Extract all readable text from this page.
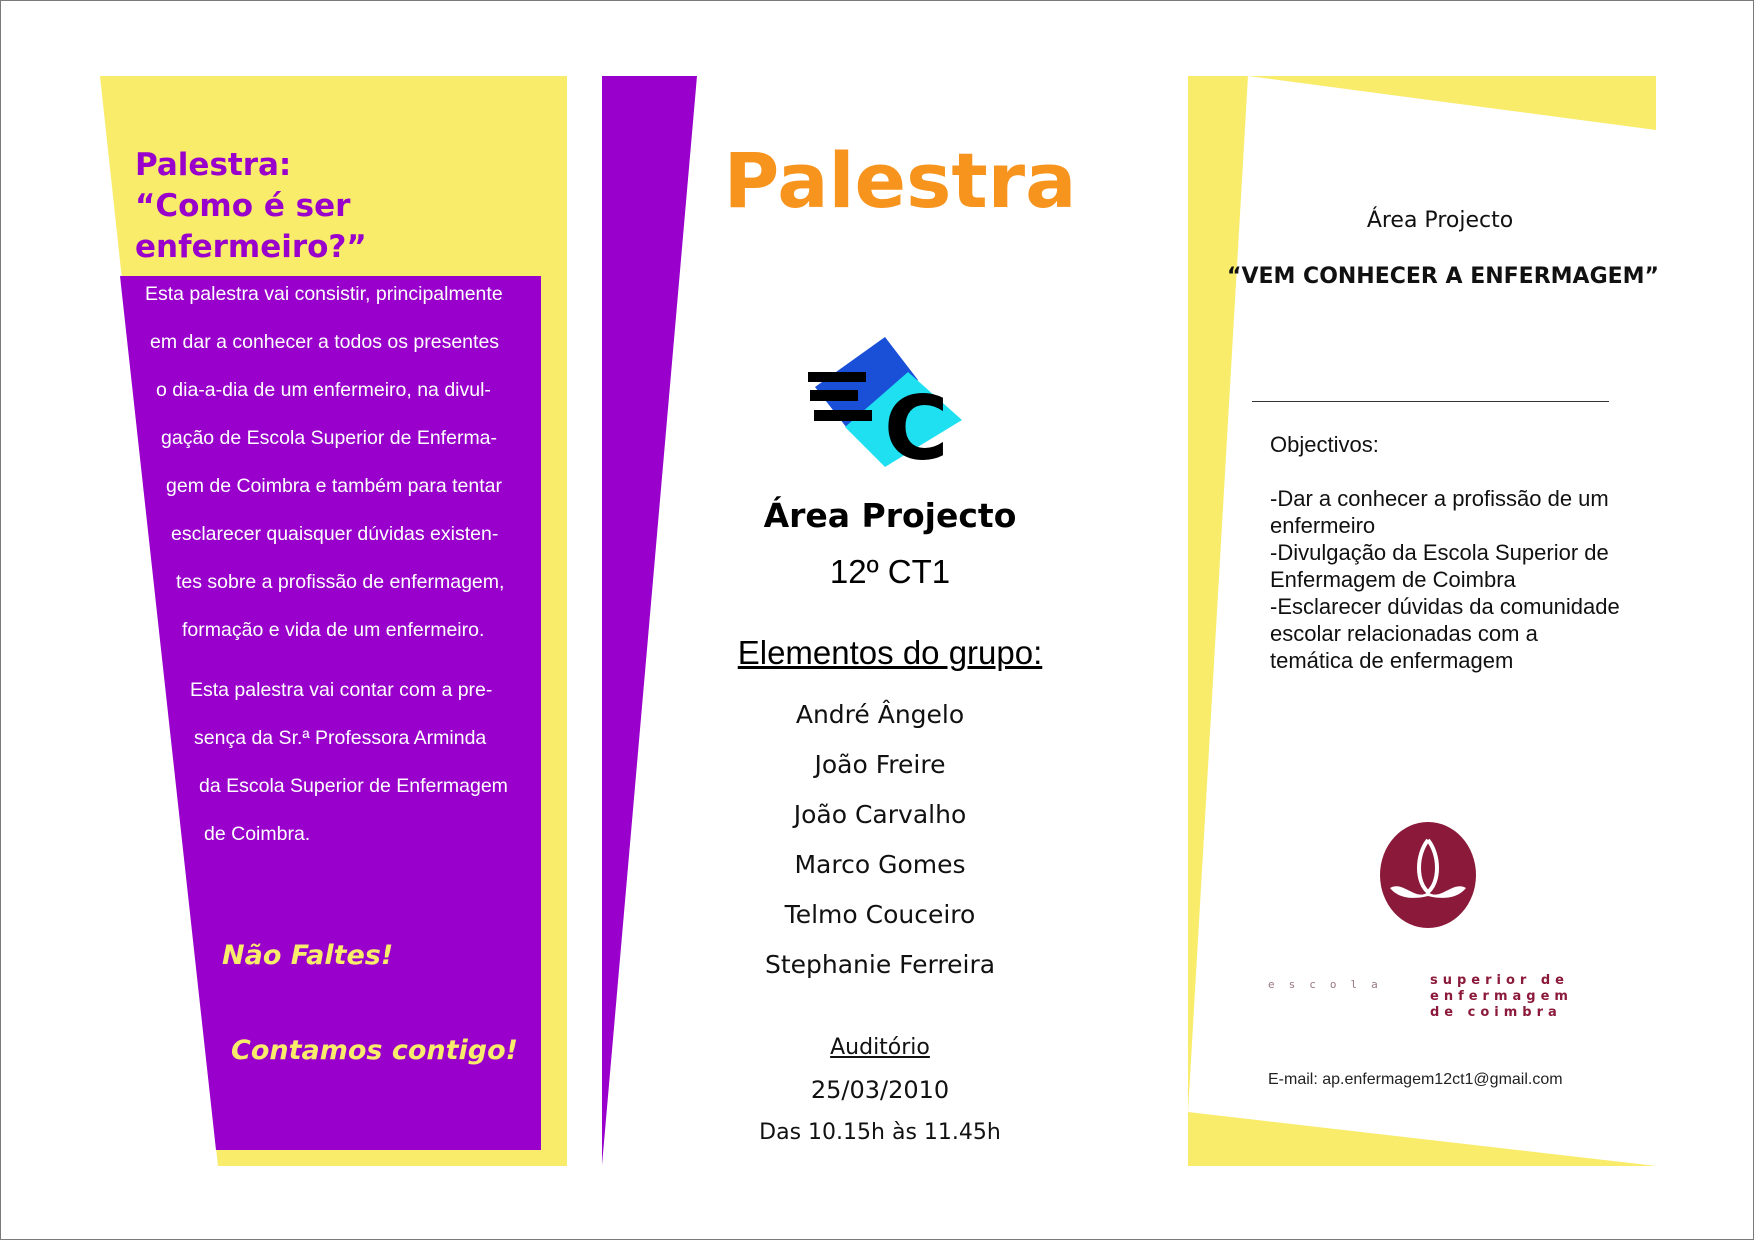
Palestra:
“Como é ser
enfermeiro?”
Esta palestra vai consistir, principalmente
em dar a conhecer a todos os presentes
o dia-a-dia de um enfermeiro, na divul-
gação de Escola Superior de Enferma-
gem de Coimbra e também para tentar
esclarecer quaisquer dúvidas existen-
tes sobre a profissão de enfermagem,
formação e vida de um enfermeiro.
Esta palestra vai contar com a pre-
sença da Sr.ª Professora Arminda
da Escola Superior de Enfermagem
de Coimbra.
Não Faltes!
Contamos contigo!
Palestra
C
Área Projecto
12º CT1
Elementos do grupo:
André Ângelo
João Freire
João Carvalho
Marco Gomes
Telmo Couceiro
Stephanie Ferreira
Auditório
25/03/2010
Das 10.15h às 11.45h
Área Projecto
“VEM CONHECER A ENFERMAGEM”
Objectivos:
-Dar a conhecer a profissão de um enfermeiro
-Divulgação da Escola Superior de Enfermagem de Coimbra
-Esclarecer dúvidas da comunidade escolar relacionadas com a temática de enfermagem
escola	superior de
enfermagem
de coimbra
E-mail: ap.enfermagem12ct1@gmail.com
